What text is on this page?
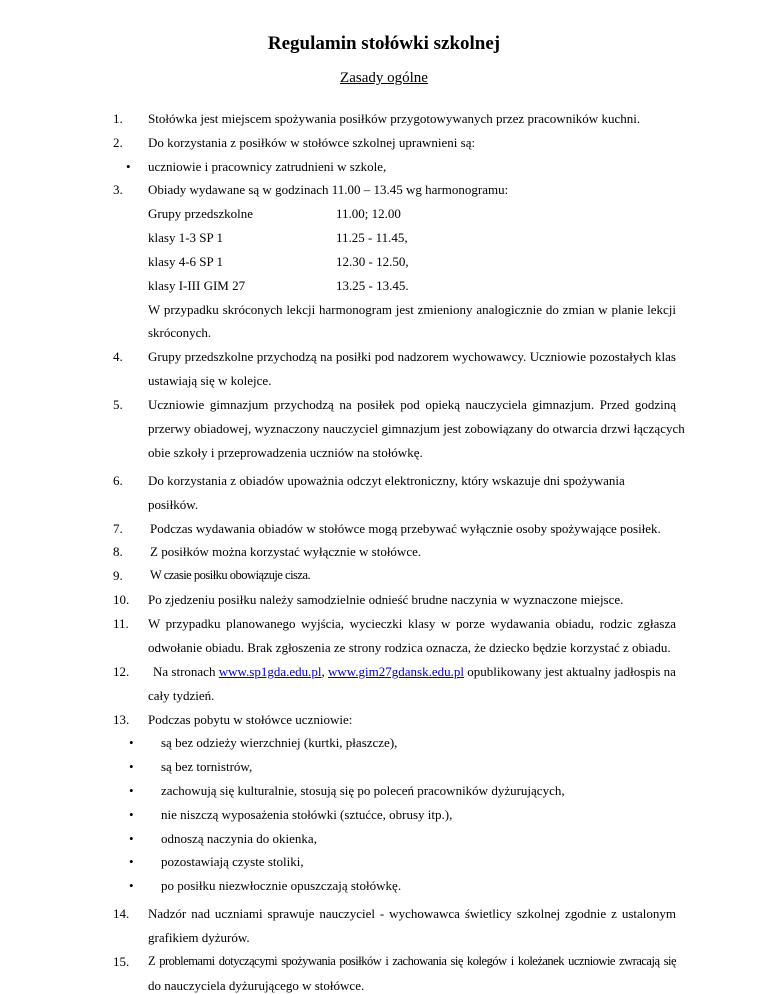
Regulamin stołówki szkolnej
Zasady ogólne
1. Stołówka jest miejscem spożywania posiłków przygotowywanych przez pracowników kuchni.
2. Do korzystania z posiłków w stołówce szkolnej uprawnieni są:
• uczniowie i pracownicy zatrudnieni w szkole,
3. Obiady wydawane są w godzinach 11.00 – 13.45 wg harmonogramu:
Grupy przedszkolne	11.00; 12.00
klasy 1-3 SP 1	11.25 - 11.45,
klasy 4-6 SP 1	12.30 - 12.50,
klasy I-III GIM 27	13.25 - 13.45.
W przypadku skróconych lekcji harmonogram jest zmieniony analogicznie do zmian w planie lekcji
skróconych.
4. Grupy przedszkolne przychodzą na posiłki pod nadzorem wychowawcy. Uczniowie pozostałych klas
ustawiają się w kolejce.
5. Uczniowie gimnazjum przychodzą na posiłek pod opieką nauczyciela gimnazjum. Przed godziną
przerwy obiadowej, wyznaczony nauczyciel gimnazjum jest zobowiązany do otwarcia drzwi łączących
obie szkoły i przeprowadzenia uczniów na stołówkę.
6. Do korzystania z obiadów upoważnia odczyt elektroniczny, który wskazuje dni spożywania
posiłków.
7. Podczas wydawania obiadów w stołówce mogą przebywać wyłącznie osoby spożywające posiłek.
8. Z posiłków można korzystać wyłącznie w stołówce.
9. W czasie posiłku obowiązuje cisza.
10. Po zjedzeniu posiłku należy samodzielnie odnieść brudne naczynia w wyznaczone miejsce.
11. W przypadku planowanego wyjścia, wycieczki klasy w porze wydawania obiadu, rodzic zgłasza
odwołanie obiadu. Brak zgłoszenia ze strony rodzica oznacza, że dziecko będzie korzystać z obiadu.
12. Na stronach www.sp1gda.edu.pl, www.gim27gdansk.edu.pl opublikowany jest aktualny jadłospis na
cały tydzień.
13. Podczas pobytu w stołówce uczniowie:
• są bez odzieży wierzchniej (kurtki, płaszcze),
• są bez tornistrów,
• zachowują się kulturalnie, stosują się po poleceń pracowników dyżurujących,
• nie niszczą wyposażenia stołówki (sztućce, obrusy itp.),
• odnoszą naczynia do okienka,
• pozostawiają czyste stoliki,
• po posiłku niezwłocznie opuszczają stołówkę.
14. Nadzór nad uczniami sprawuje nauczyciel - wychowawca świetlicy szkolnej zgodnie z ustalonym
grafikiem dyżurów.
15. Z problemami dotyczącymi spożywania posiłków i zachowania się kolegów i koleżanek uczniowie zwracają się
do nauczyciela dyżurującego w stołówce.
